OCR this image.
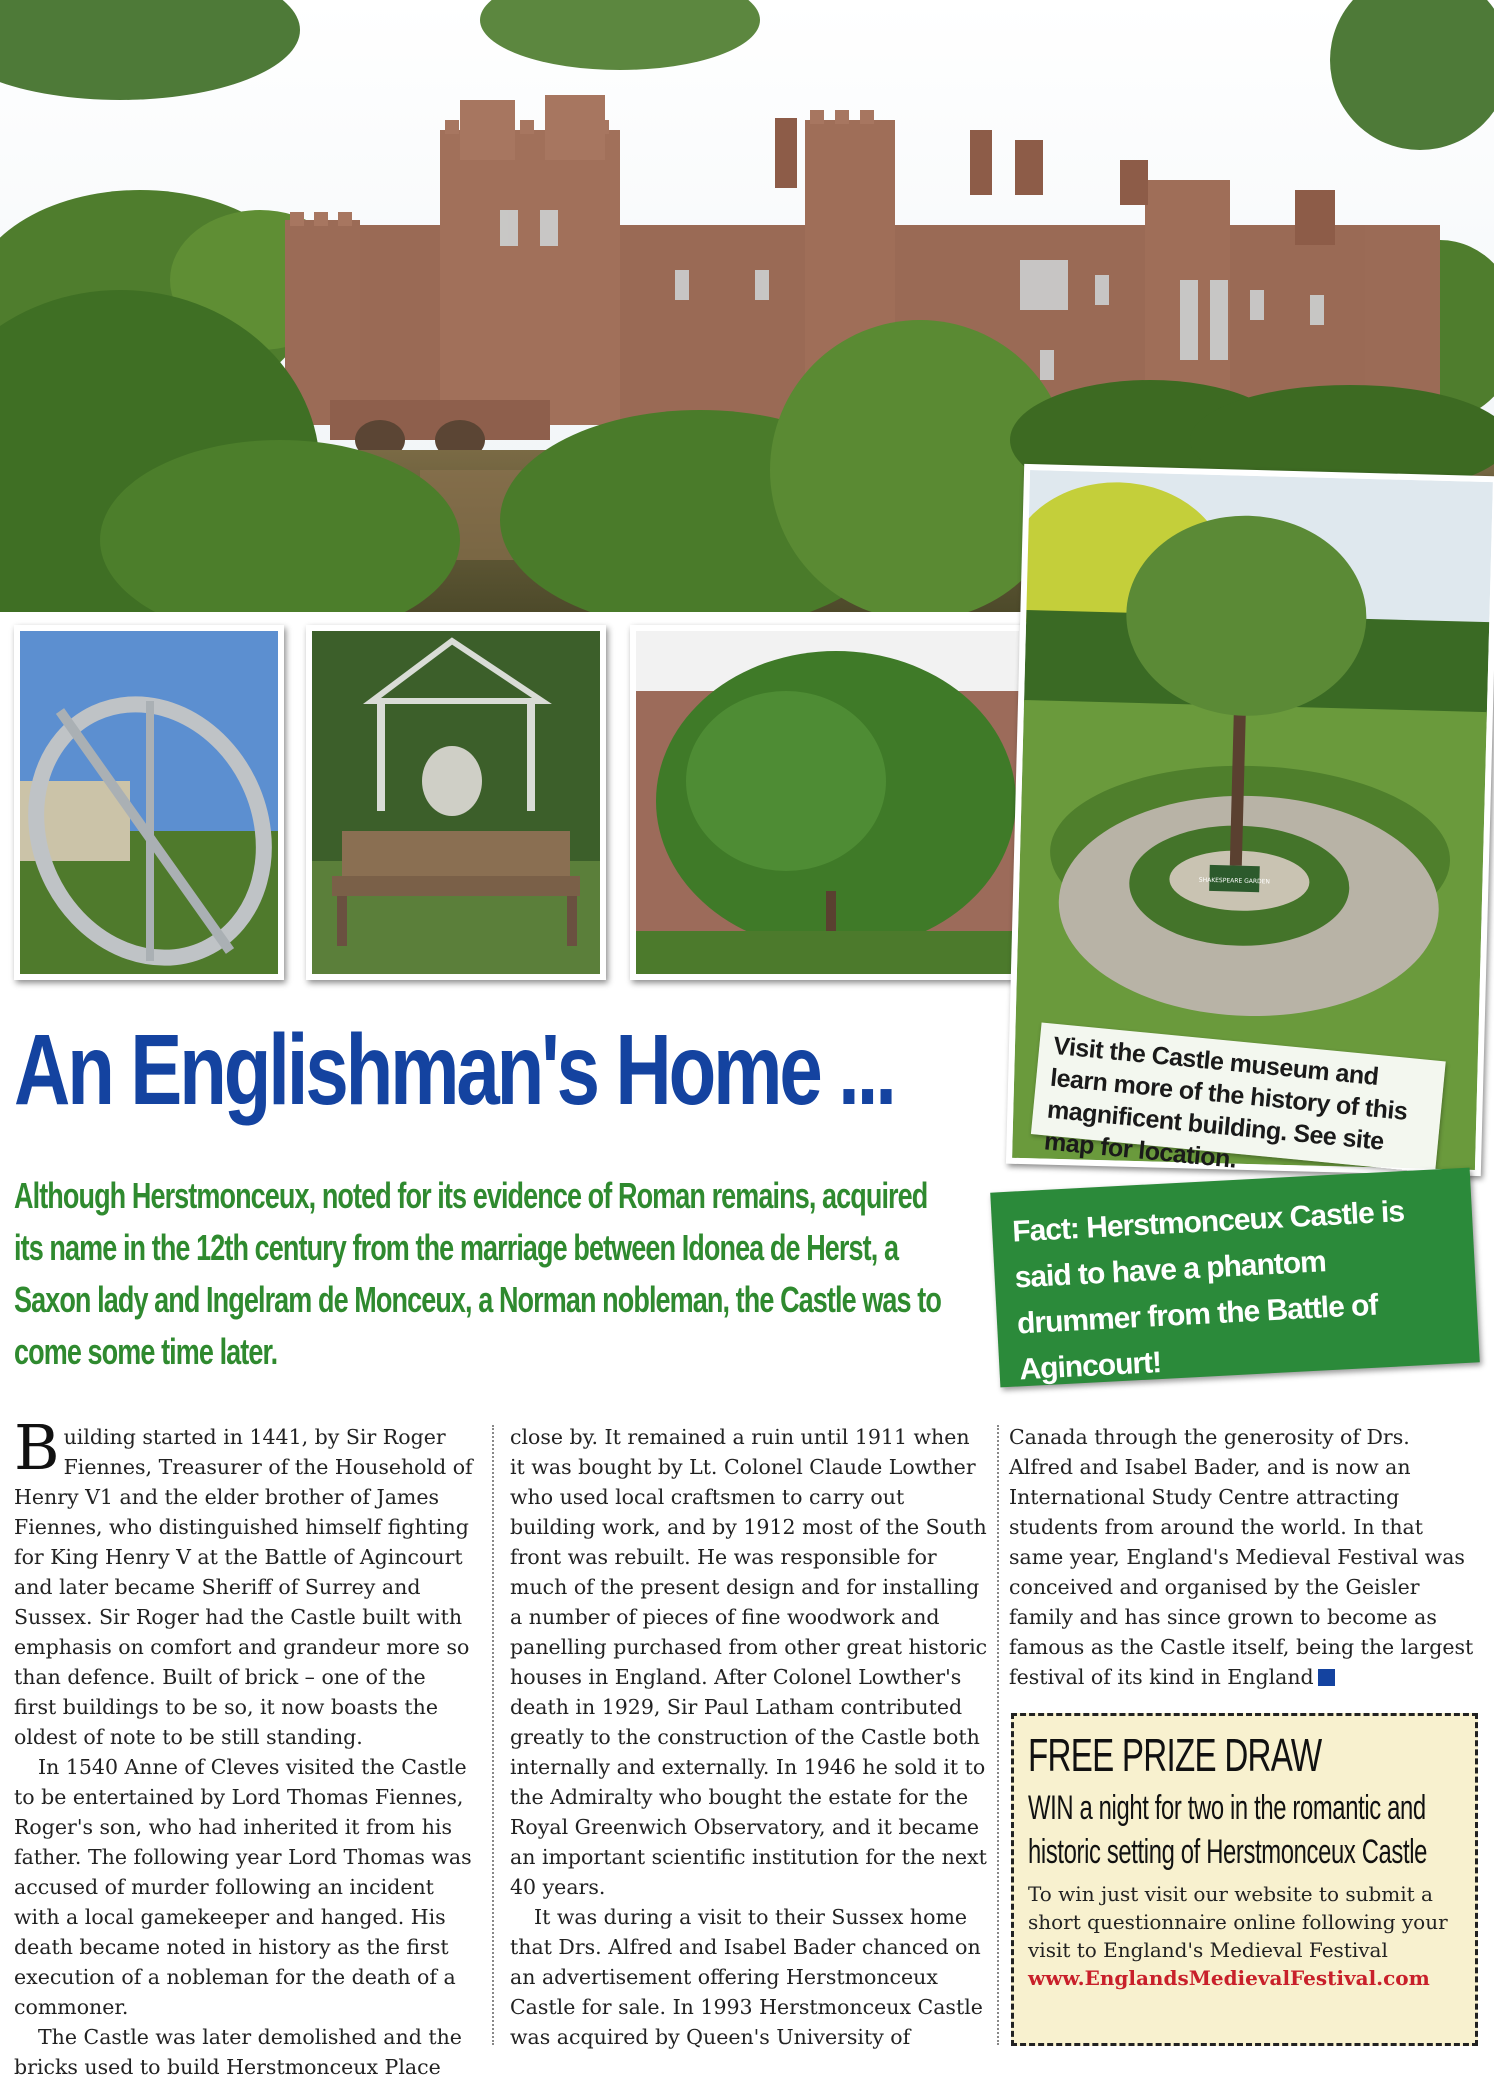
SHAKESPEARE GARDEN
Visit the Castle museum and learn more of the history of this magnificent building. See site map for location.
An Englishman's Home ...
Although Herstmonceux, noted for its evidence of Roman remains, acquired its name in the 12th century from the marriage between Idonea de Herst, a Saxon lady and Ingelram de Monceux, a Norman nobleman, the Castle was to come some time later.
Fact: Herstmonceux Castle is said to have a phantom drummer from the Battle of Agincourt!

Building started in 1441, by Sir Roger Fiennes, Treasurer of the Household of Henry V1 and the elder brother of James Fiennes, who distinguished himself fighting for King Henry V at the Battle of Agincourt and later became Sheriff of Surrey and Sussex. Sir Roger had the Castle built with emphasis on comfort and grandeur more so than defence. Built of brick – one of the first buildings to be so, it now boasts the oldest of note to be still standing.

In 1540 Anne of Cleves visited the Castle to be entertained by Lord Thomas Fiennes, Roger's son, who had inherited it from his father. The following year Lord Thomas was accused of murder following an incident with a local gamekeeper and hanged. His death became noted in history as the first execution of a nobleman for the death of a commoner.

The Castle was later demolished and the bricks used to build Herstmonceux Place

close by. It remained a ruin until 1911 when it was bought by Lt. Colonel Claude Lowther who used local craftsmen to carry out building work, and by 1912 most of the South front was rebuilt. He was responsible for much of the present design and for installing a number of pieces of fine woodwork and panelling purchased from other great historic houses in England. After Colonel Lowther's death in 1929, Sir Paul Latham contributed greatly to the construction of the Castle both internally and externally. In 1946 he sold it to the Admiralty who bought the estate for the Royal Greenwich Observatory, and it became an important scientific institution for the next 40 years.

It was during a visit to their Sussex home that Drs. Alfred and Isabel Bader chanced on an advertisement offering Herstmonceux Castle for sale. In 1993 Herstmonceux Castle was acquired by Queen's University of

Canada through the generosity of Drs. Alfred and Isabel Bader, and is now an International Study Centre attracting students from around the world. In that same year, England's Medieval Festival was conceived and organised by the Geisler family and has since grown to become as famous as the Castle itself, being the largest festival of its kind in England

FREE PRIZE DRAW
WIN a night for two in the romantic and historic setting of Herstmonceux Castle
To win just visit our website to submit a short questionnaire online following your visit to England's Medieval Festival
www.EnglandsMedievalFestival.com
